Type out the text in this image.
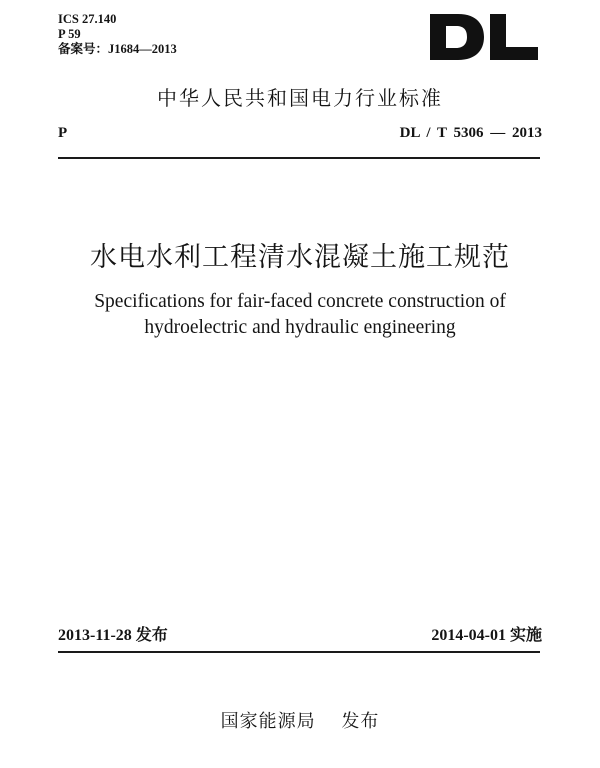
ICS 27.140
P 59
备案号：J1684—2013
中华人民共和国电力行业标准
P	DL / T 5306 — 2013
水电水利工程清水混凝土施工规范
Specifications for fair-faced concrete construction of
hydroelectric and hydraulic engineering
2013-11-28 发布	2014-04-01 实施
国家能源局　 发布
